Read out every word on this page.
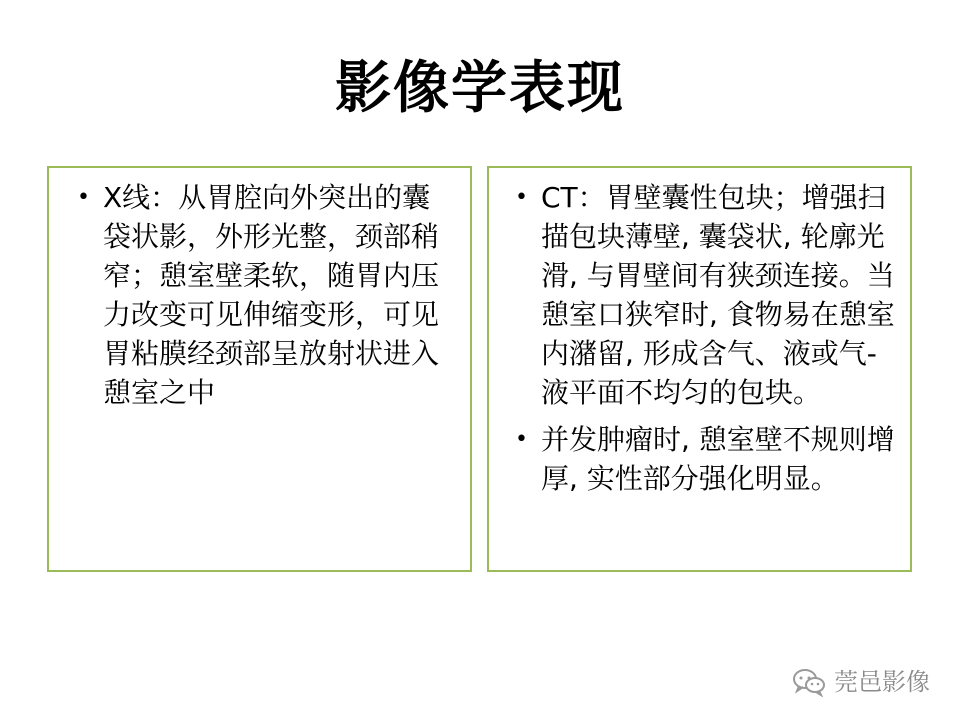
影像学表现
• X线：从胃腔向外突出的囊袋状影，外形光整，颈部稍窄；憩室壁柔软，随胃内压力改变可见伸缩变形，可见胃粘膜经颈部呈放射状进入憩室之中
• CT：胃壁囊性包块；增强扫描包块薄壁, 囊袋状, 轮廓光滑, 与胃壁间有狭颈连接。当憩室口狭窄时, 食物易在憩室内潴留, 形成含气、液或气-液平面不均匀的包块。
• 并发肿瘤时, 憩室壁不规则增厚, 实性部分强化明显。
莞邑影像
